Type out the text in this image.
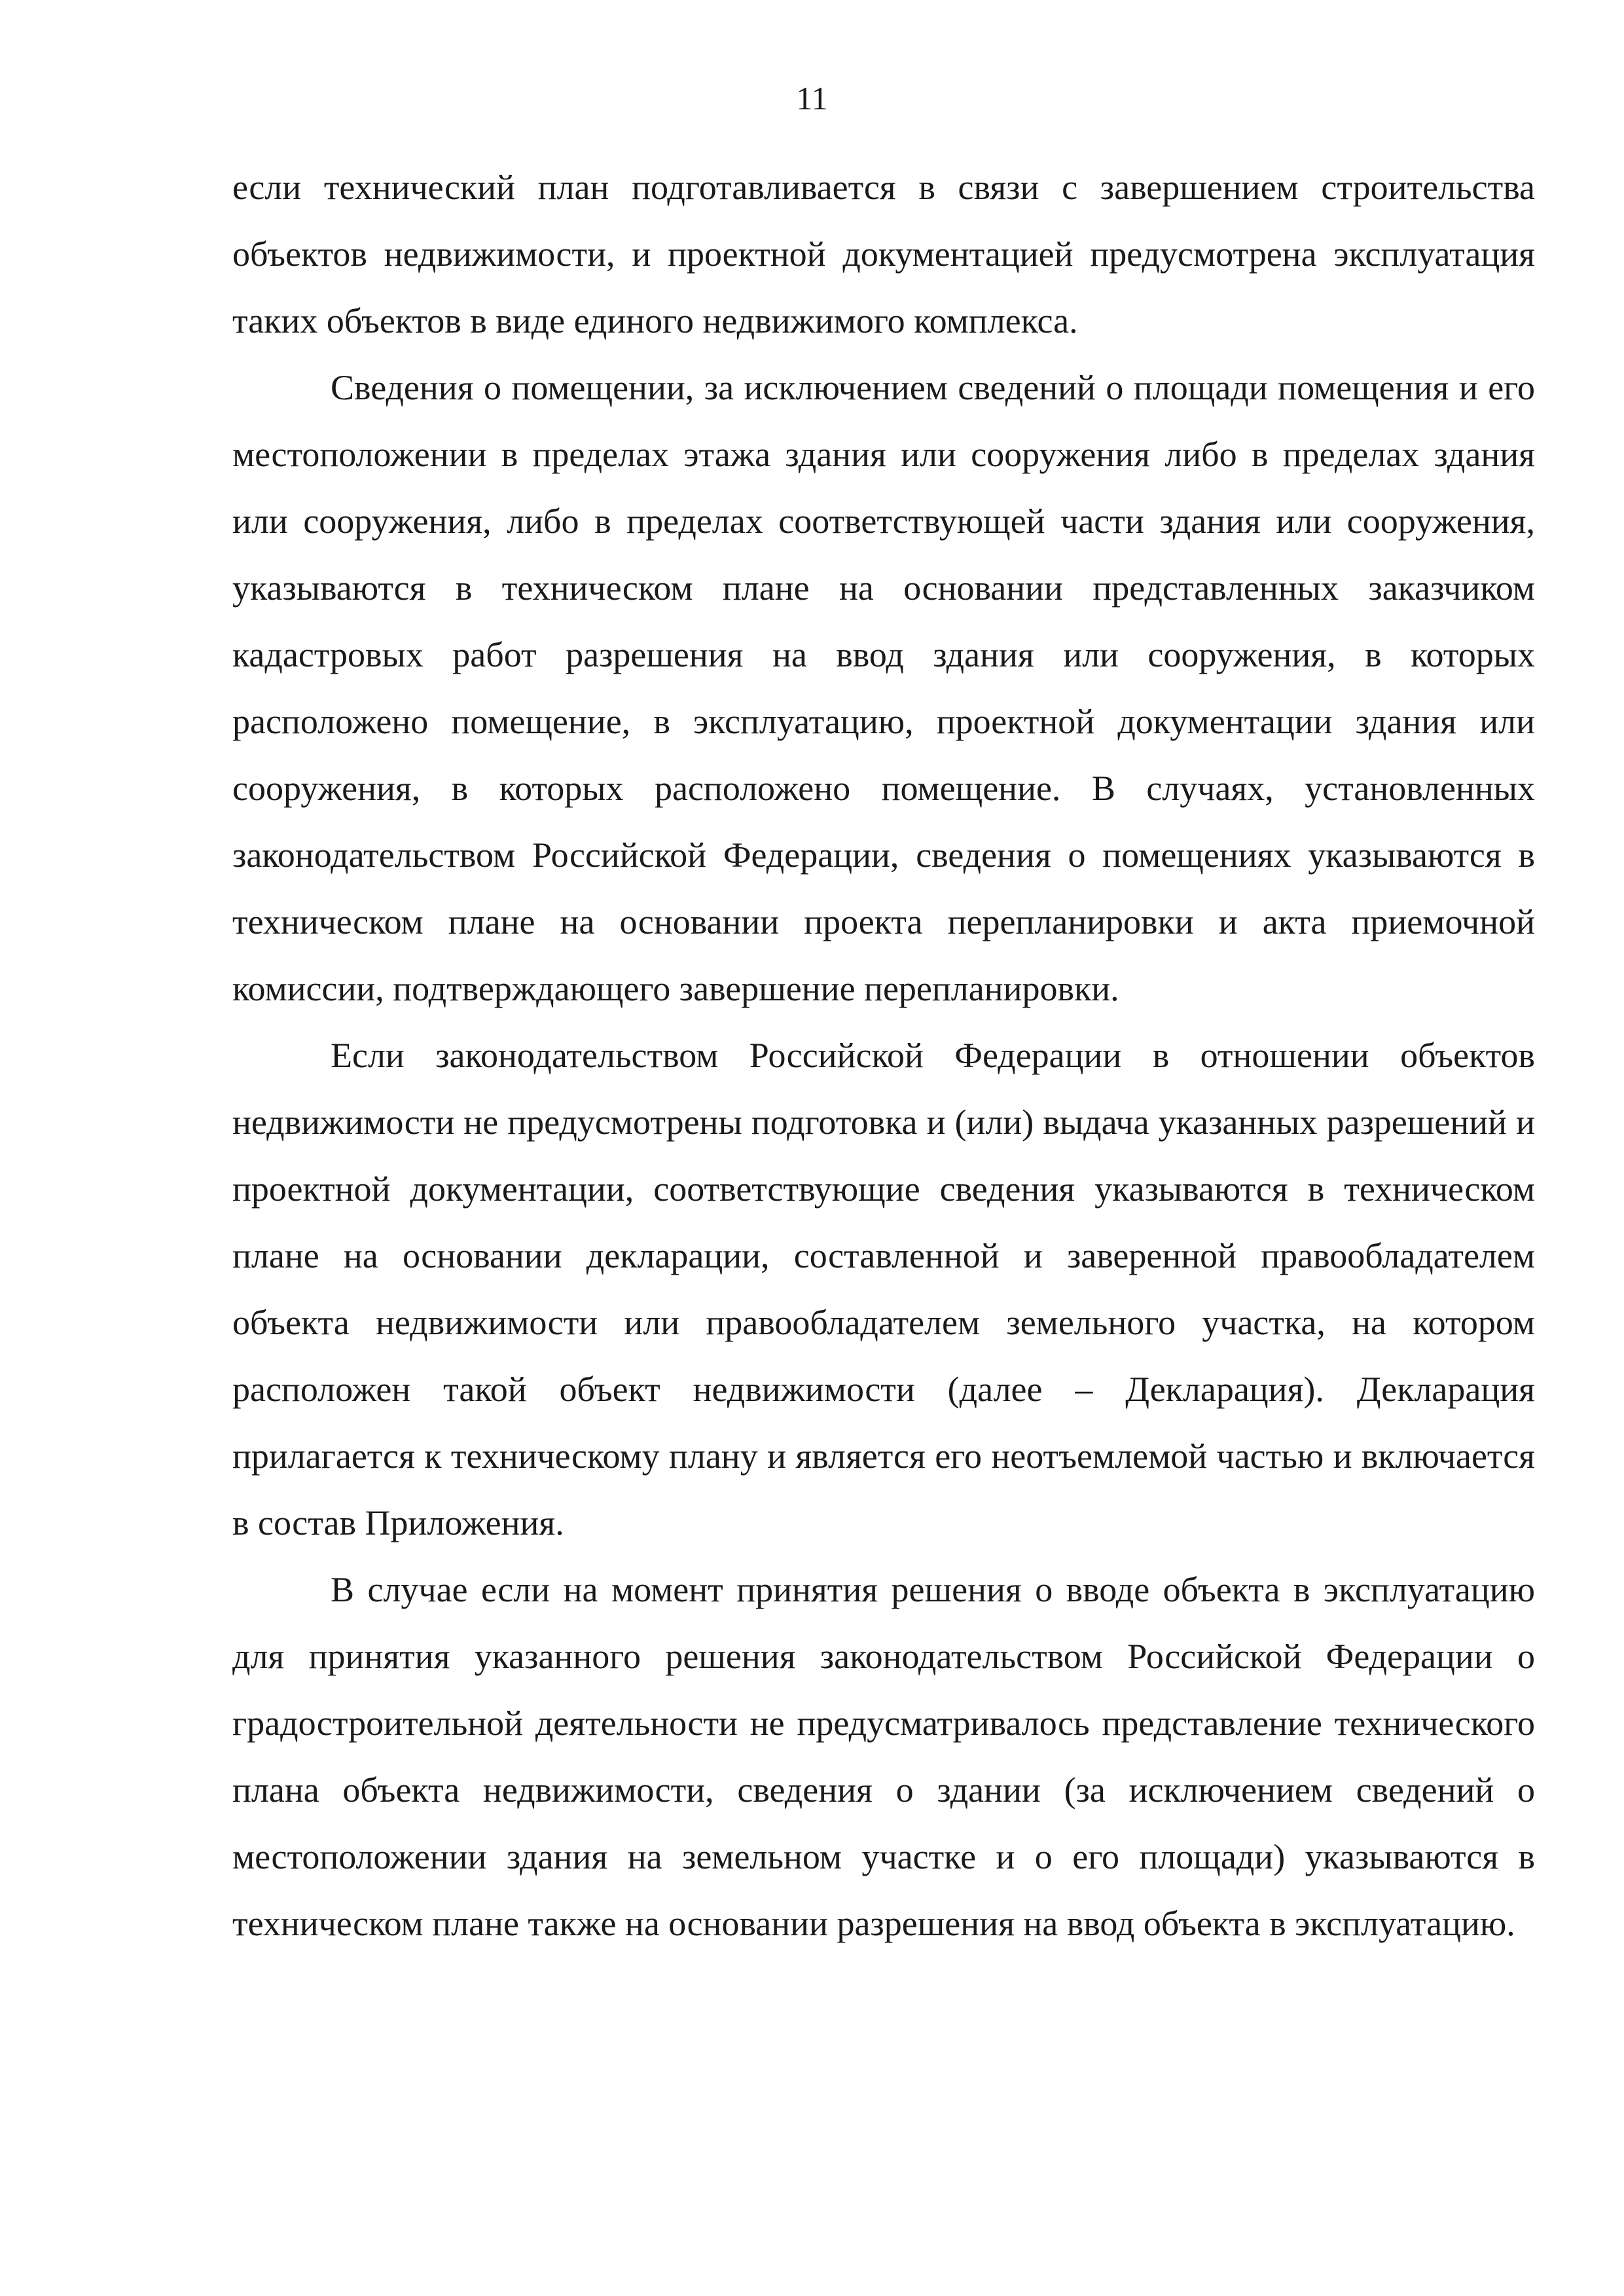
11

если технический план подготавливается в связи с завершением строительства объектов недвижимости, и проектной документацией предусмотрена эксплуатация таких объектов в виде единого недвижимого комплекса.

Сведения о помещении, за исключением сведений о площади помещения и его местоположении в пределах этажа здания или сооружения либо в пределах здания или сооружения, либо в пределах соответствующей части здания или сооружения, указываются в техническом плане на основании представленных заказчиком кадастровых работ разрешения на ввод здания или сооружения, в которых расположено помещение, в эксплуатацию, проектной документации здания или сооружения, в которых расположено помещение. В случаях, установленных законодательством Российской Федерации, сведения о помещениях указываются в техническом плане на основании проекта перепланировки и акта приемочной комиссии, подтверждающего завершение перепланировки.

Если законодательством Российской Федерации в отношении объектов недвижимости не предусмотрены подготовка и (или) выдача указанных разрешений и проектной документации, соответствующие сведения указываются в техническом плане на основании декларации, составленной и заверенной правообладателем объекта недвижимости или правообладателем земельного участка, на котором расположен такой объект недвижимости (далее – Декларация). Декларация прилагается к техническому плану и является его неотъемлемой частью и включается в состав Приложения.

В случае если на момент принятия решения о вводе объекта в эксплуатацию для принятия указанного решения законодательством Российской Федерации о градостроительной деятельности не предусматривалось представление технического плана объекта недвижимости, сведения о здании (за исключением сведений о местоположении здания на земельном участке и о его площади) указываются в техническом плане также на основании разрешения на ввод объекта в эксплуатацию.
